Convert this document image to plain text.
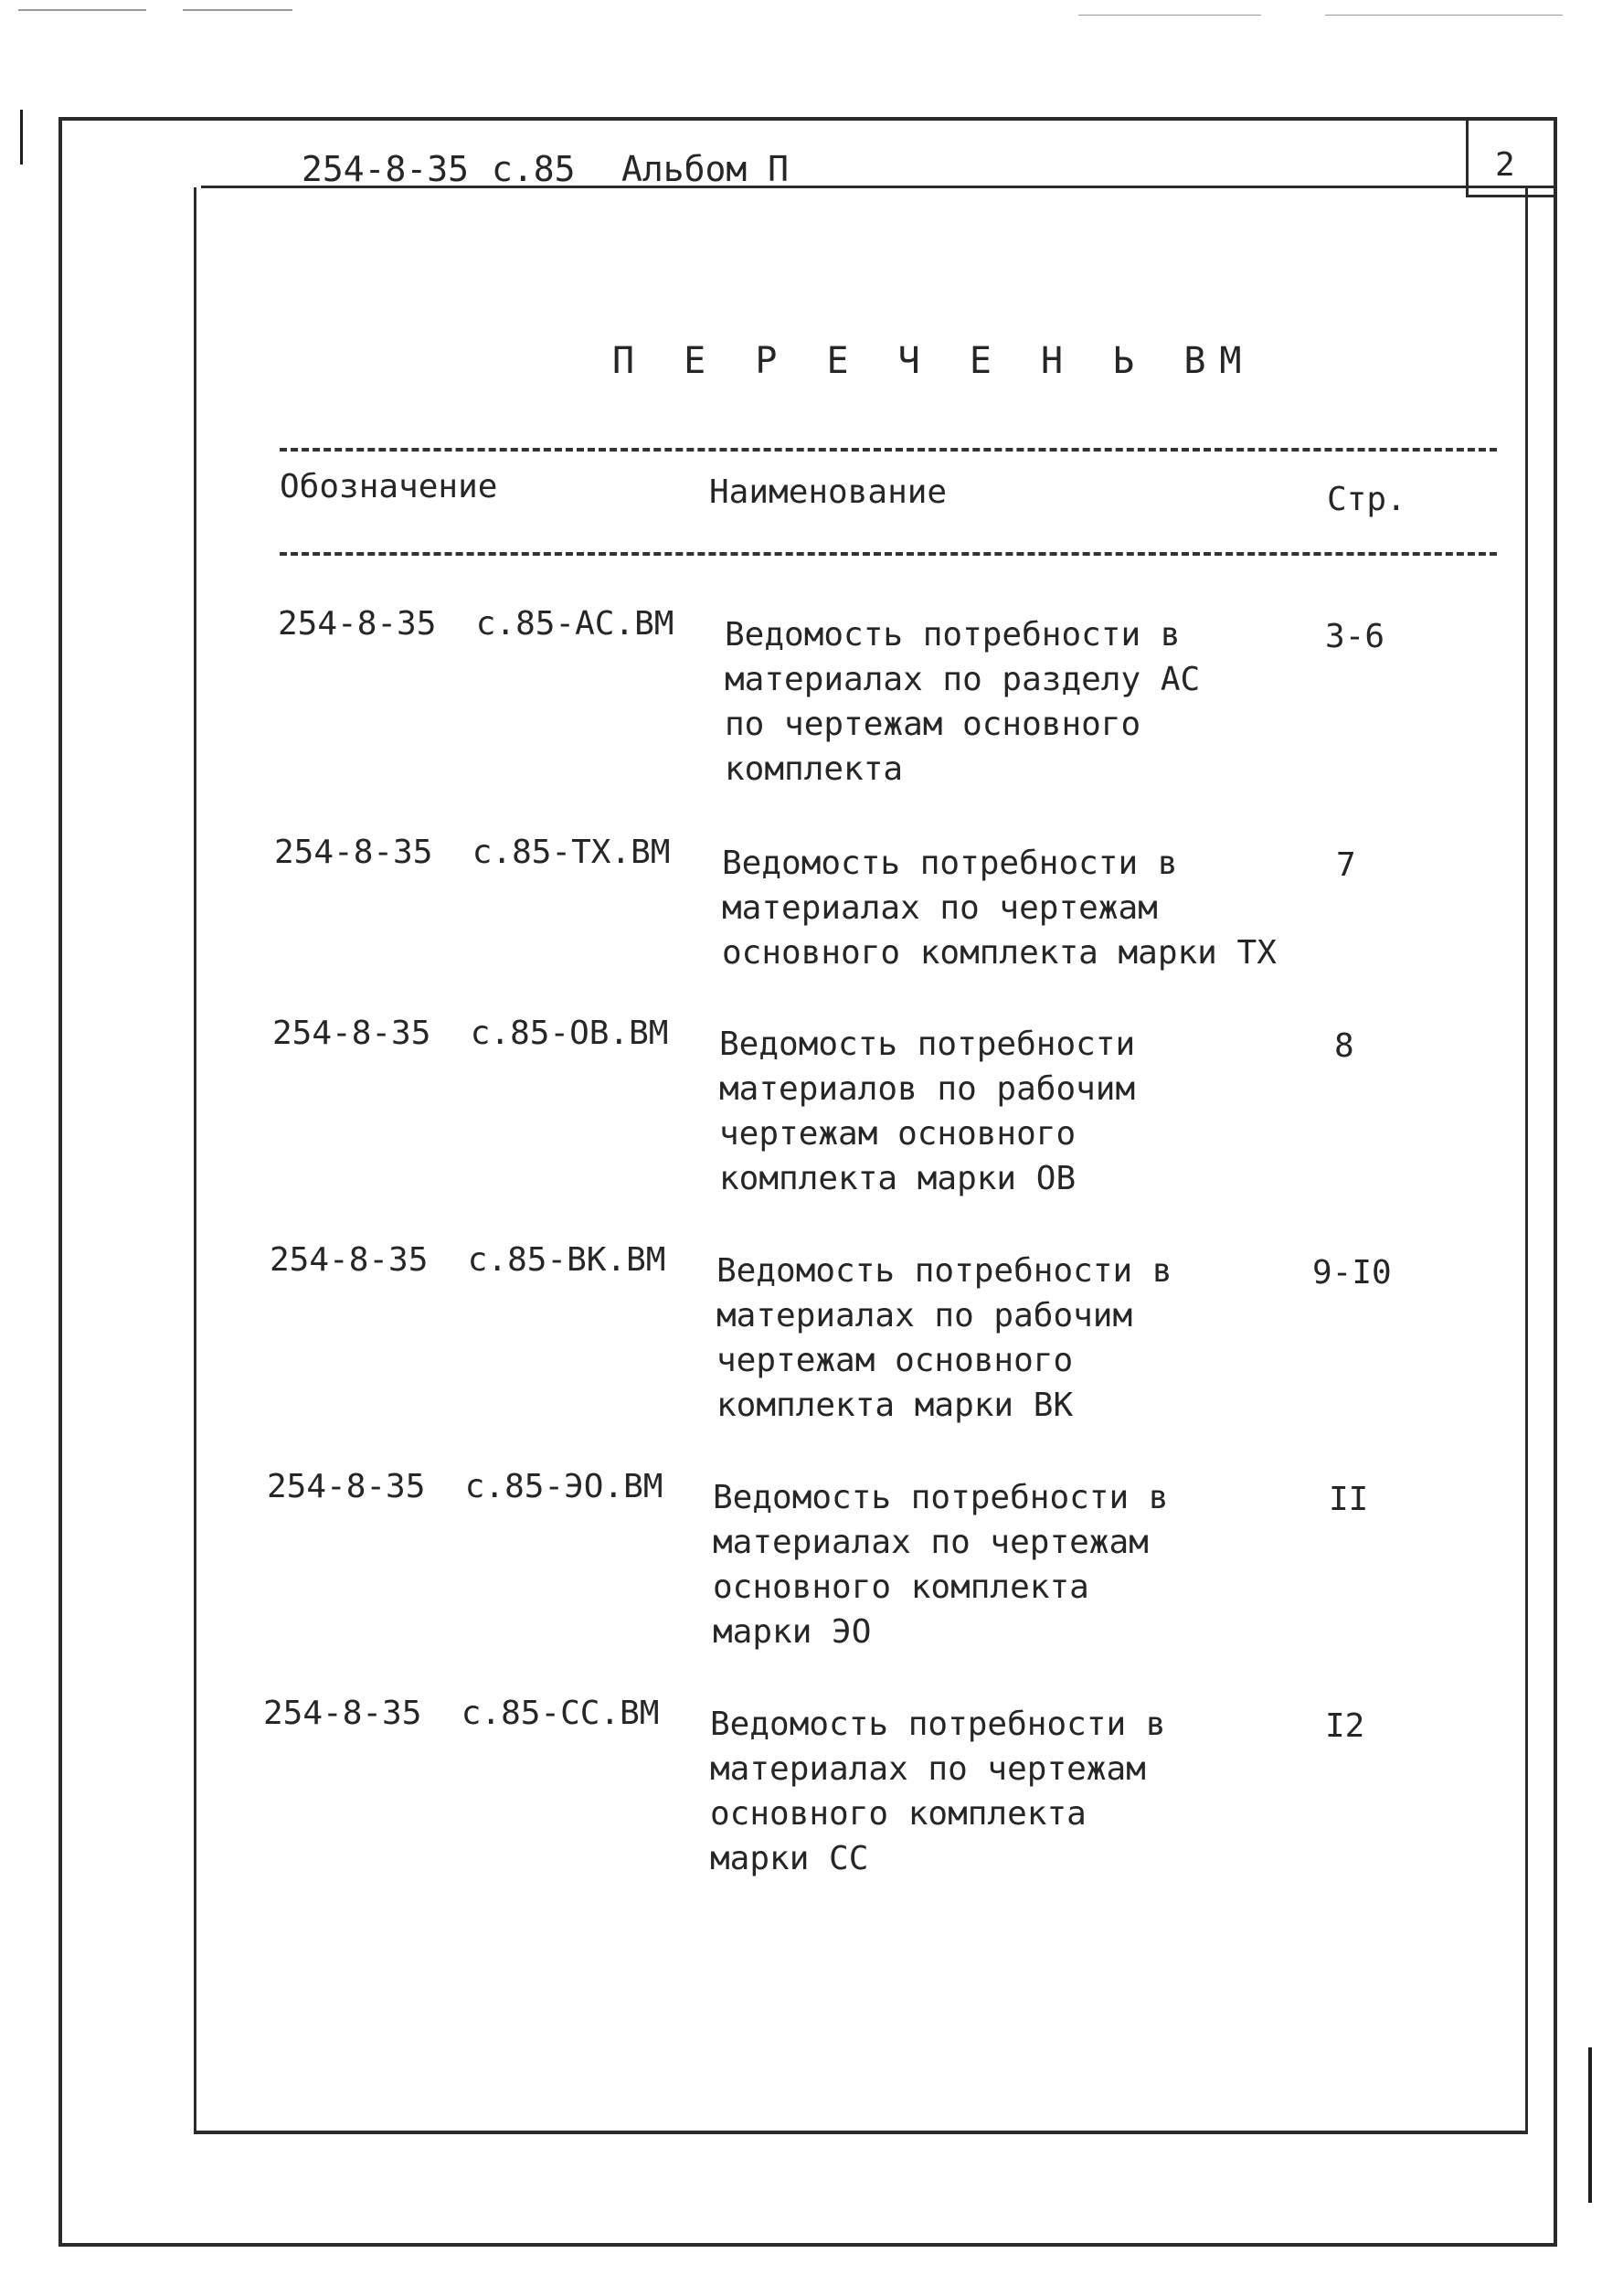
2
254-8-35 с.85 Альбом П
П Е Р Е Ч Е Н Ь ВМ
Обозначение	Наименование	Стр.
254-8-35  с.85-АС.ВМ Ведомость потребности в
материалах по разделу АС
по чертежам основного
комплекта
3-6
254-8-35  с.85-ТХ.ВМ Ведомость потребности в
материалах по чертежам
основного комплекта марки ТХ
7
254-8-35  с.85-ОВ.ВМ Ведомость потребности
материалов по рабочим
чертежам основного
комплекта марки ОВ
8
254-8-35  с.85-ВК.ВМ Ведомость потребности в
материалах по рабочим
чертежам основного
комплекта марки ВК
9-I0
254-8-35  с.85-ЭО.ВМ Ведомость потребности в
материалах по чертежам
основного комплекта
марки ЭО
II
254-8-35  с.85-СС.ВМ Ведомость потребности в
материалах по чертежам
основного комплекта
марки СС
I2
